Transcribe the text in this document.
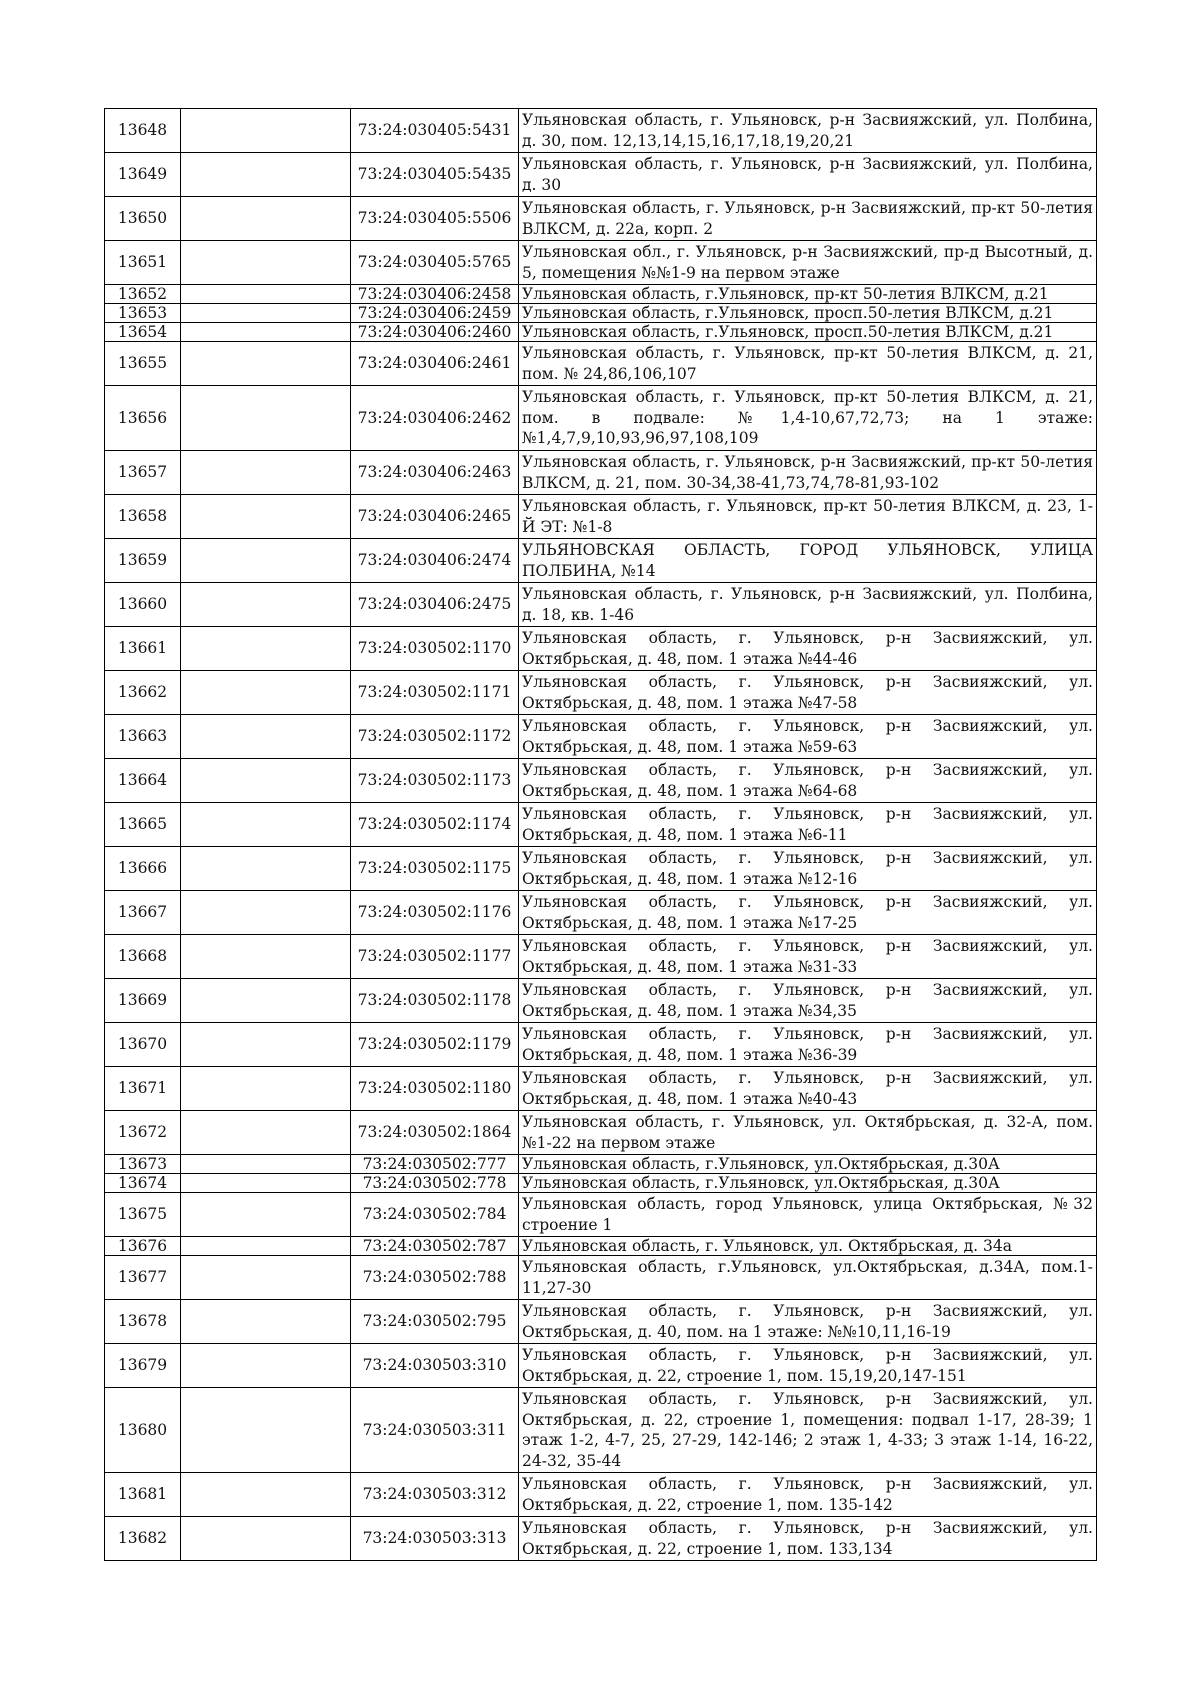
13648		73:24:030405:5431	Ульяновская область, г. Ульяновск, р-н Засвияжский, ул. Полбина, д. 30, пом. 12,13,14,15,16,17,18,19,20,21
13649		73:24:030405:5435	Ульяновская область, г. Ульяновск, р-н Засвияжский, ул. Полбина, д. 30
13650		73:24:030405:5506	Ульяновская область, г. Ульяновск, р-н Засвияжский, пр-кт 50-летия ВЛКСМ, д. 22а, корп. 2
13651		73:24:030405:5765	Ульяновская обл., г. Ульяновск, р-н Засвияжский, пр-д Высотный, д. 5, помещения №№1-9 на первом этаже
13652		73:24:030406:2458	Ульяновская область, г.Ульяновск, пр-кт 50-летия ВЛКСМ, д.21
13653		73:24:030406:2459	Ульяновская область, г.Ульяновск, просп.50-летия ВЛКСМ, д.21
13654		73:24:030406:2460	Ульяновская область, г.Ульяновск, просп.50-летия ВЛКСМ, д.21
13655		73:24:030406:2461	Ульяновская область, г. Ульяновск, пр-кт 50-летия ВЛКСМ, д. 21, пом. № 24,86,106,107
13656		73:24:030406:2462	Ульяновская область, г. Ульяновск, пр-кт 50-летия ВЛКСМ, д. 21, пом. в подвале: №1,4-10,67,72,73; на 1 этаже: №1,4,7,9,10,93,96,97,108,109
13657		73:24:030406:2463	Ульяновская область, г. Ульяновск, р-н Засвияжский, пр-кт 50-летия ВЛКСМ, д. 21, пом. 30-34,38-41,73,74,78-81,93-102
13658		73:24:030406:2465	Ульяновская область, г. Ульяновск, пр-кт 50-летия ВЛКСМ, д. 23, 1-Й ЭТ: №1-8
13659		73:24:030406:2474	УЛЬЯНОВСКАЯ ОБЛАСТЬ, ГОРОД УЛЬЯНОВСК, УЛИЦА ПОЛБИНА, №14
13660		73:24:030406:2475	Ульяновская область, г. Ульяновск, р-н Засвияжский, ул. Полбина, д. 18, кв. 1-46
13661		73:24:030502:1170	Ульяновская область, г. Ульяновск, р-н Засвияжский, ул. Октябрьская, д. 48, пом. 1 этажа №44-46
13662		73:24:030502:1171	Ульяновская область, г. Ульяновск, р-н Засвияжский, ул. Октябрьская, д. 48, пом. 1 этажа №47-58
13663		73:24:030502:1172	Ульяновская область, г. Ульяновск, р-н Засвияжский, ул. Октябрьская, д. 48, пом. 1 этажа №59-63
13664		73:24:030502:1173	Ульяновская область, г. Ульяновск, р-н Засвияжский, ул. Октябрьская, д. 48, пом. 1 этажа №64-68
13665		73:24:030502:1174	Ульяновская область, г. Ульяновск, р-н Засвияжский, ул. Октябрьская, д. 48, пом. 1 этажа №6-11
13666		73:24:030502:1175	Ульяновская область, г. Ульяновск, р-н Засвияжский, ул. Октябрьская, д. 48, пом. 1 этажа №12-16
13667		73:24:030502:1176	Ульяновская область, г. Ульяновск, р-н Засвияжский, ул. Октябрьская, д. 48, пом. 1 этажа №17-25
13668		73:24:030502:1177	Ульяновская область, г. Ульяновск, р-н Засвияжский, ул. Октябрьская, д. 48, пом. 1 этажа №31-33
13669		73:24:030502:1178	Ульяновская область, г. Ульяновск, р-н Засвияжский, ул. Октябрьская, д. 48, пом. 1 этажа №34,35
13670		73:24:030502:1179	Ульяновская область, г. Ульяновск, р-н Засвияжский, ул. Октябрьская, д. 48, пом. 1 этажа №36-39
13671		73:24:030502:1180	Ульяновская область, г. Ульяновск, р-н Засвияжский, ул. Октябрьская, д. 48, пом. 1 этажа №40-43
13672		73:24:030502:1864	Ульяновская область, г. Ульяновск, ул. Октябрьская, д. 32-А, пом. №1-22 на первом этаже
13673		73:24:030502:777	Ульяновская область, г.Ульяновск, ул.Октябрьская, д.30А
13674		73:24:030502:778	Ульяновская область, г.Ульяновск, ул.Октябрьская, д.30А
13675		73:24:030502:784	Ульяновская область, город Ульяновск, улица Октябрьская, №32 строение 1
13676		73:24:030502:787	Ульяновская область, г. Ульяновск, ул. Октябрьская, д. 34а
13677		73:24:030502:788	Ульяновская область, г.Ульяновск, ул.Октябрьская, д.34А, пом.1-11,27-30
13678		73:24:030502:795	Ульяновская область, г. Ульяновск, р-н Засвияжский, ул. Октябрьская, д. 40, пом. на 1 этаже: №№10,11,16-19
13679		73:24:030503:310	Ульяновская область, г. Ульяновск, р-н Засвияжский, ул. Октябрьская, д. 22, строение 1, пом. 15,19,20,147-151
13680		73:24:030503:311	Ульяновская область, г. Ульяновск, р-н Засвияжский, ул. Октябрьская, д. 22, строение 1, помещения: подвал 1-17, 28-39; 1 этаж 1-2, 4-7, 25, 27-29, 142-146; 2 этаж 1, 4-33; 3 этаж 1-14, 16-22, 24-32, 35-44
13681		73:24:030503:312	Ульяновская область, г. Ульяновск, р-н Засвияжский, ул. Октябрьская, д. 22, строение 1, пом. 135-142
13682		73:24:030503:313	Ульяновская область, г. Ульяновск, р-н Засвияжский, ул. Октябрьская, д. 22, строение 1, пом. 133,134
